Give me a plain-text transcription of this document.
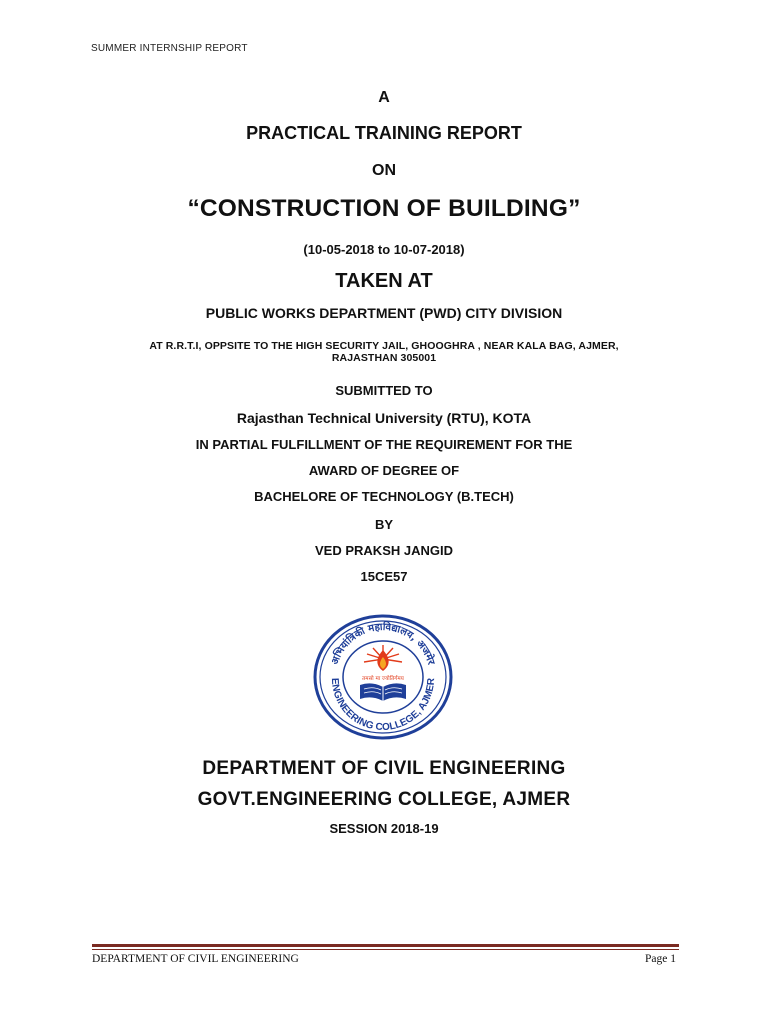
SUMMER INTERNSHIP REPORT
A
PRACTICAL TRAINING REPORT
ON
“CONSTRUCTION OF BUILDING”
(10-05-2018 to 10-07-2018)
TAKEN AT
PUBLIC WORKS DEPARTMENT (PWD) CITY DIVISION
AT R.R.T.I, OPPSITE TO THE HIGH SECURITY JAIL, GHOOGHRA , NEAR KALA BAG, AJMER,
RAJASTHAN 305001
SUBMITTED TO
Rajasthan Technical University (RTU), KOTA
IN PARTIAL FULFILLMENT OF THE REQUIREMENT FOR THE
AWARD OF DEGREE OF
BACHELORE OF TECHNOLOGY (B.TECH)
BY
VED PRAKSH JANGID
15CE57
अभियांत्रिकी महाविद्यालय, अजमेर
ENGINEERING COLLEGE, AJMER
तमसो मा ज्योतिर्गमय
DEPARTMENT OF CIVIL ENGINEERING
GOVT.ENGINEERING COLLEGE, AJMER
SESSION 2018-19
DEPARTMENT OF CIVIL ENGINEERING	Page 1
